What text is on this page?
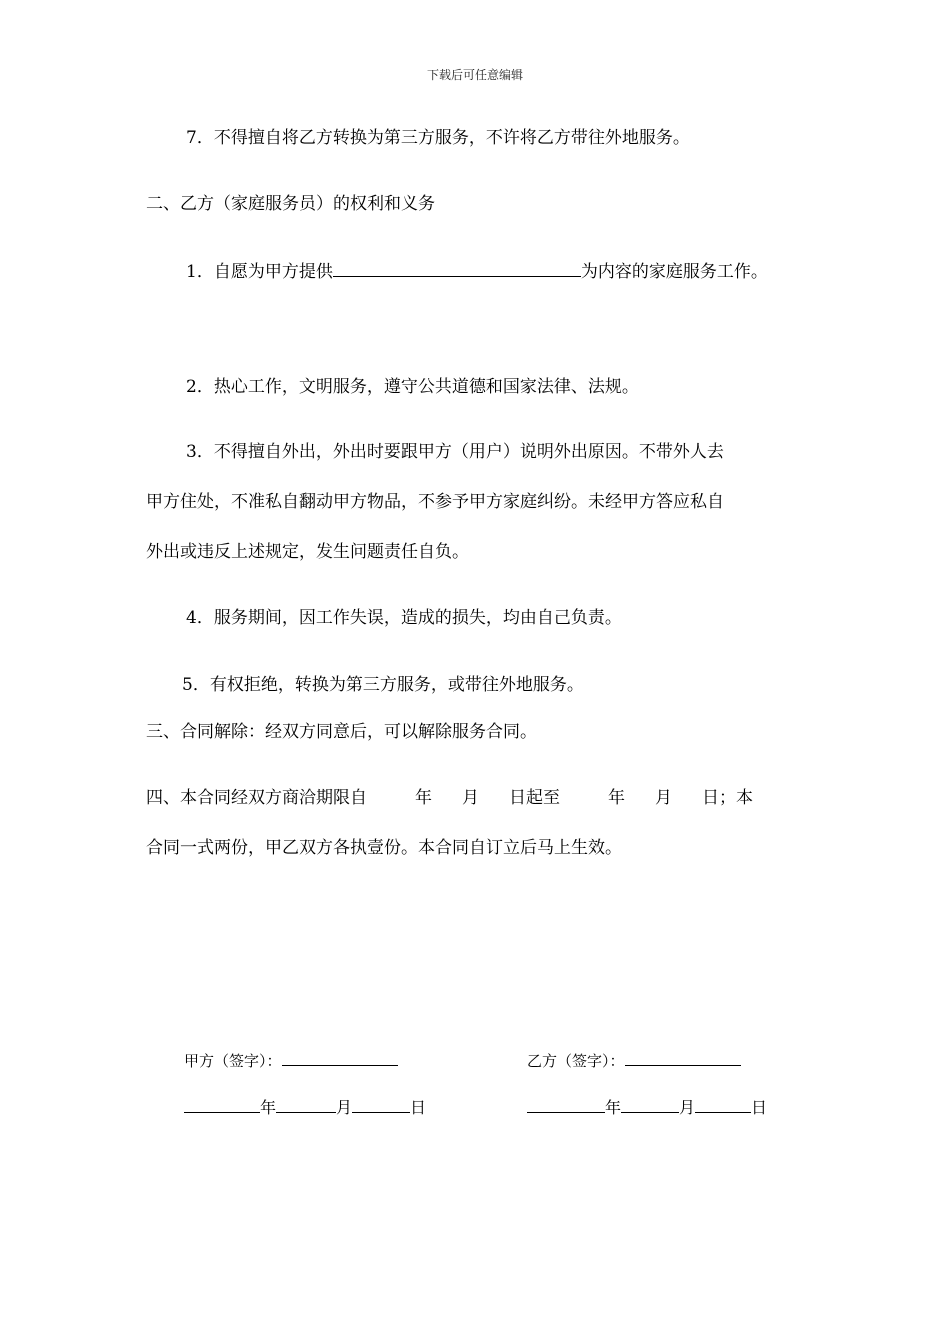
下载后可任意编辑
7．不得擅自将乙方转换为第三方服务，不许将乙方带往外地服务。
二、乙方（家庭服务员）的权利和义务
1．自愿为甲方提供	为内容的家庭服务工作。
2．热心工作，文明服务，遵守公共道德和国家法律、法规。
3．不得擅自外出，外出时要跟甲方（用户）说明外出原因。不带外人去
甲方住处，不准私自翻动甲方物品，不参予甲方家庭纠纷。未经甲方答应私自
外出或违反上述规定，发生问题责任自负。
4．服务期间，因工作失误，造成的损失，均由自己负责。
5．有权拒绝，转换为第三方服务，或带往外地服务。
三、合同解除：经双方同意后，可以解除服务合同。
四、本合同经双方商洽期限自	年 月 日起至	年 月 日；本
合同一式两份，甲乙双方各执壹份。本合同自订立后马上生效。
甲方（签字）：	乙方（签字）：
年	月	日	年	月	日
